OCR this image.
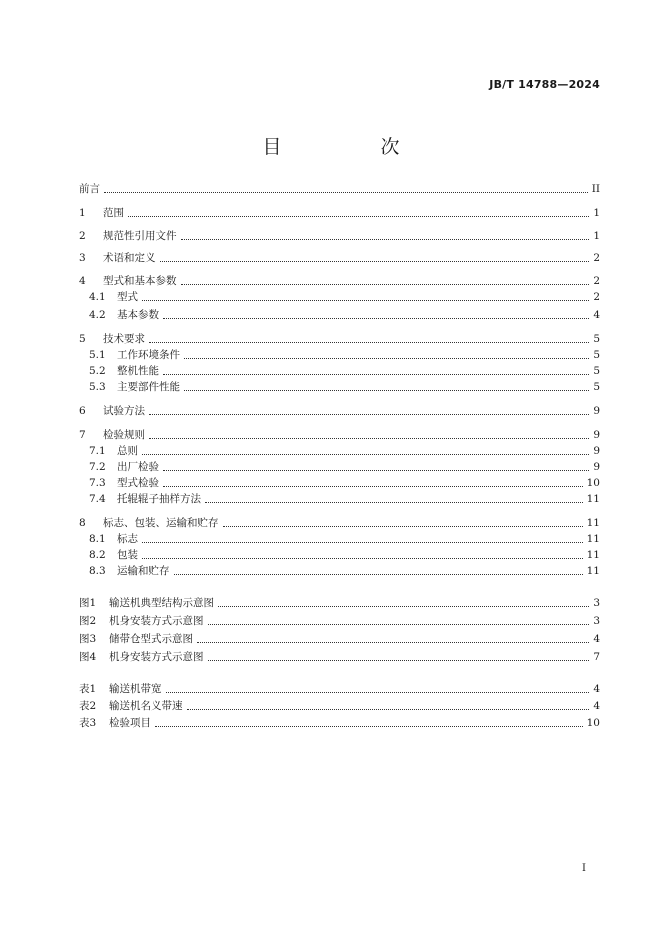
JB/T 14788—2024
目　次
前言	II
1	范围	1
2	规范性引用文件	1
3	术语和定义	2
4	型式和基本参数	2
4.1	型式	2
4.2	基本参数	4
5	技术要求	5
5.1	工作环境条件	5
5.2	整机性能	5
5.3	主要部件性能	5
6	试验方法	9
7	检验规则	9
7.1	总则	9
7.2	出厂检验	9
7.3	型式检验	10
7.4	托辊辊子抽样方法	11
8	标志、包装、运输和贮存	11
8.1	标志	11
8.2	包装	11
8.3	运输和贮存	11
图1	输送机典型结构示意图	3
图2	机身安装方式示意图	3
图3	储带仓型式示意图	4
图4	机身安装方式示意图	7
表1	输送机带宽	4
表2	输送机名义带速	4
表3	检验项目	10
I
